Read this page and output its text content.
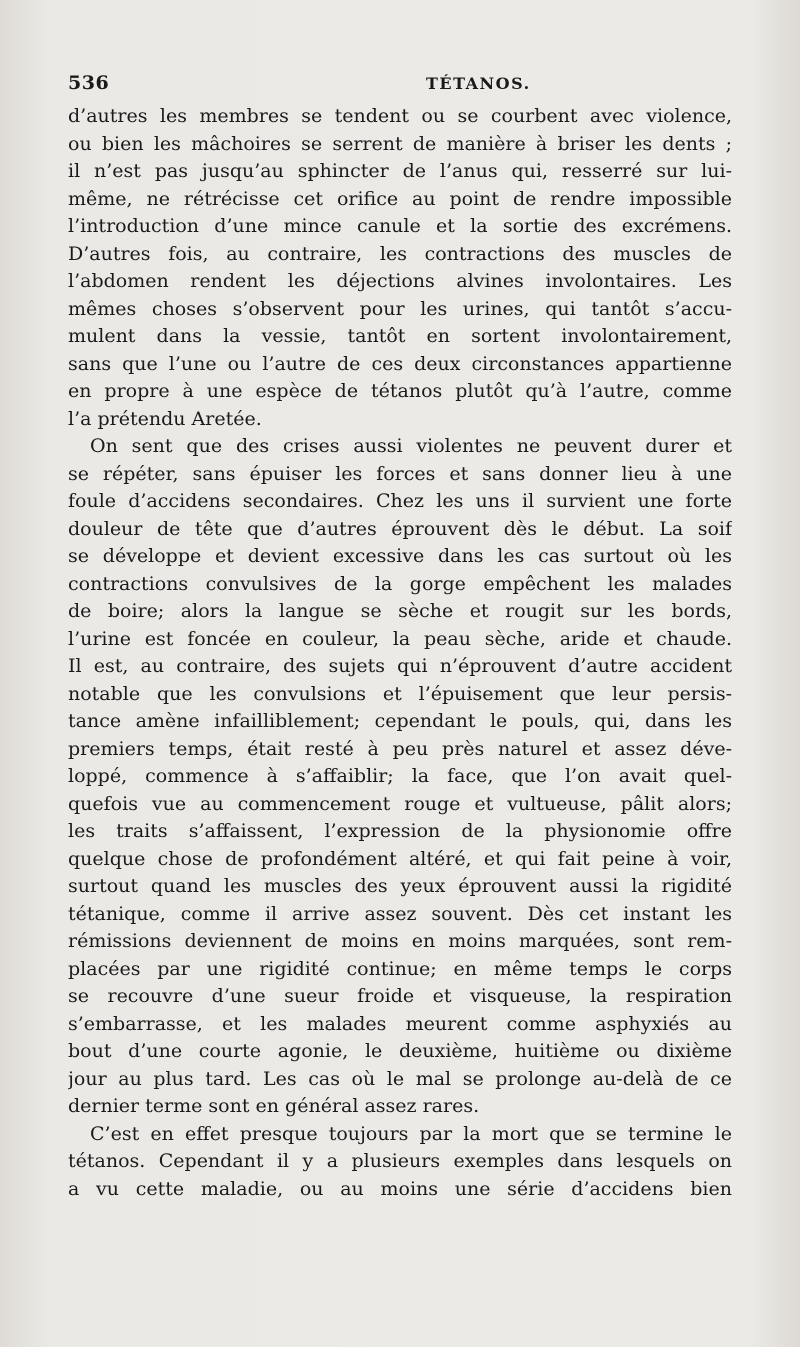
536	TÉTANOS.
d’autres les membres se tendent ou se courbent avec violence,
ou bien les mâchoires se serrent de manière à briser les dents ;
il n’est pas jusqu’au sphincter de l’anus qui, resserré sur lui-
même, ne rétrécisse cet orifice au point de rendre impossible
l’introduction d’une mince canule et la sortie des excrémens.
D’autres fois, au contraire, les contractions des muscles de
l’abdomen rendent les déjections alvines involontaires. Les
mêmes choses s’observent pour les urines, qui tantôt s’accu-
mulent dans la vessie, tantôt en sortent involontairement,
sans que l’une ou l’autre de ces deux circonstances appartienne
en propre à une espèce de tétanos plutôt qu’à l’autre, comme
l’a prétendu Aretée.
On sent que des crises aussi violentes ne peuvent durer et
se répéter, sans épuiser les forces et sans donner lieu à une
foule d’accidens secondaires. Chez les uns il survient une forte
douleur de tête que d’autres éprouvent dès le début. La soif
se développe et devient excessive dans les cas surtout où les
contractions convulsives de la gorge empêchent les malades
de boire; alors la langue se sèche et rougit sur les bords,
l’urine est foncée en couleur, la peau sèche, aride et chaude.
Il est, au contraire, des sujets qui n’éprouvent d’autre accident
notable que les convulsions et l’épuisement que leur persis-
tance amène infailliblement; cependant le pouls, qui, dans les
premiers temps, était resté à peu près naturel et assez déve-
loppé, commence à s’affaiblir; la face, que l’on avait quel-
quefois vue au commencement rouge et vultueuse, pâlit alors;
les traits s’affaissent, l’expression de la physionomie offre
quelque chose de profondément altéré, et qui fait peine à voir,
surtout quand les muscles des yeux éprouvent aussi la rigidité
tétanique, comme il arrive assez souvent. Dès cet instant les
rémissions deviennent de moins en moins marquées, sont rem-
placées par une rigidité continue; en même temps le corps
se recouvre d’une sueur froide et visqueuse, la respiration
s’embarrasse, et les malades meurent comme asphyxiés au
bout d’une courte agonie, le deuxième, huitième ou dixième
jour au plus tard. Les cas où le mal se prolonge au-delà de ce
dernier terme sont en général assez rares.
C’est en effet presque toujours par la mort que se termine le
tétanos. Cependant il y a plusieurs exemples dans lesquels on
a vu cette maladie, ou au moins une série d’accidens bien
